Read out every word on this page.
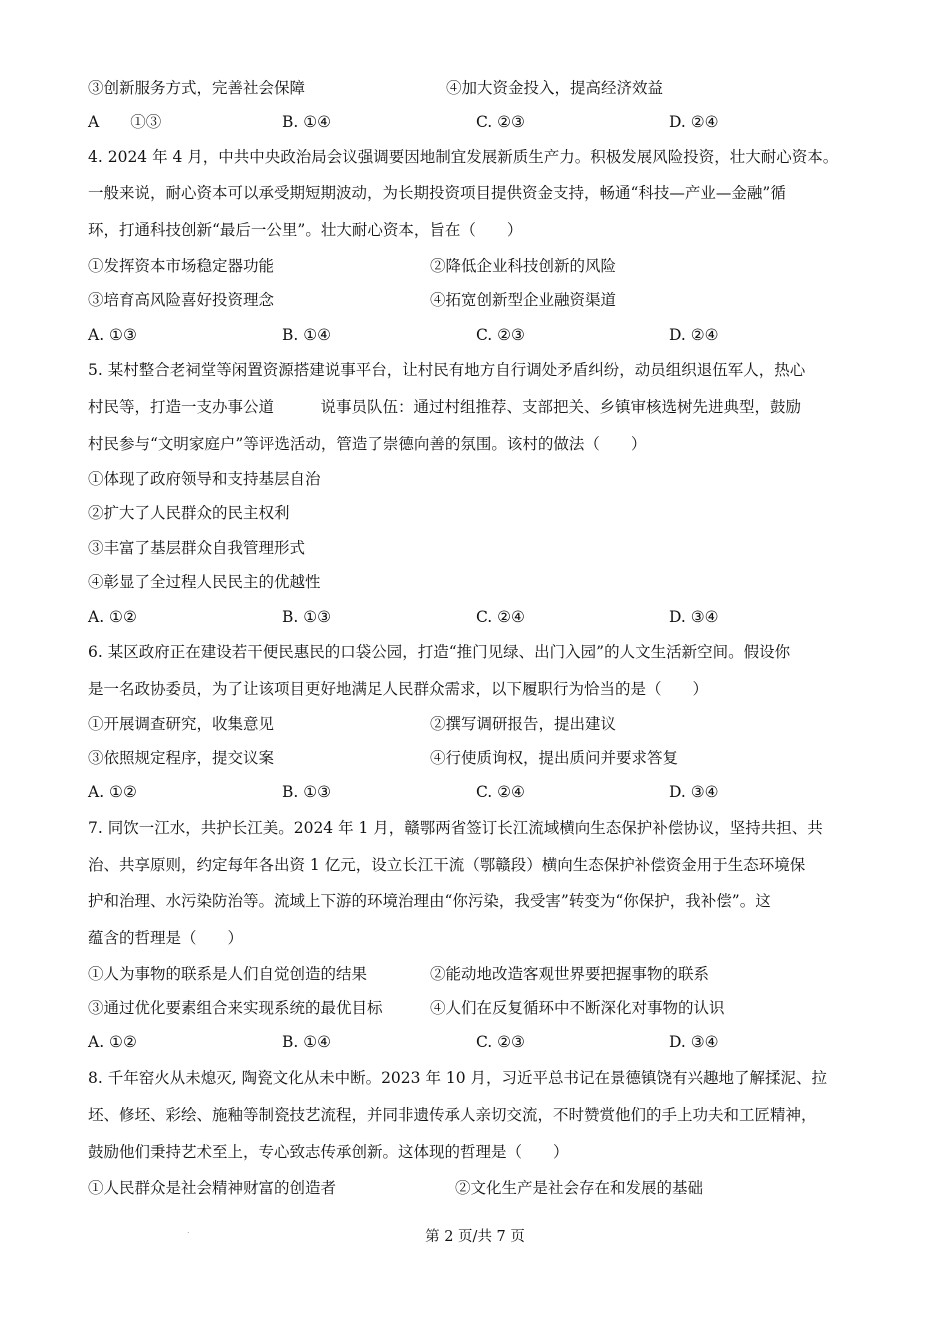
③创新服务方式，完善社会保障	④加大资金投入，提高经济效益
A　　①③	B. ①④	C. ②③	D. ②④
4. 2024 年 4 月，中共中央政治局会议强调要因地制宜发展新质生产力。积极发展风险投资，壮大耐心资本。
一般来说，耐心资本可以承受期短期波动，为长期投资项目提供资金支持，畅通“科技—产业—金融”循
环，打通科技创新“最后一公里”。壮大耐心资本，旨在（　　）
①发挥资本市场稳定器功能	②降低企业科技创新的风险
③培育高风险喜好投资理念	④拓宽创新型企业融资渠道
A. ①③	B. ①④	C. ②③	D. ②④
5. 某村整合老祠堂等闲置资源搭建说事平台，让村民有地方自行调处矛盾纠纷，动员组织退伍军人，热心
村民等，打造一支办事公道　　　说事员队伍：通过村组推荐、支部把关、乡镇审核选树先进典型，鼓励
村民参与“文明家庭户”等评选活动，管造了崇德向善的氛围。该村的做法（　　）
①体现了政府领导和支持基层自治
②扩大了人民群众的民主权利
③丰富了基层群众自我管理形式
④彰显了全过程人民民主的优越性
A. ①②	B. ①③	C. ②④	D. ③④
6. 某区政府正在建设若干便民惠民的口袋公园，打造“推门见绿、出门入园”的人文生活新空间。假设你
是一名政协委员，为了让该项目更好地满足人民群众需求，以下履职行为恰当的是（　　）
①开展调查研究，收集意见	②撰写调研报告，提出建议
③依照规定程序，提交议案	④行使质询权，提出质问并要求答复
A. ①②	B. ①③	C. ②④	D. ③④
7. 同饮一江水，共护长江美。2024 年 1 月，赣鄂两省签订长江流域横向生态保护补偿协议，坚持共担、共
治、共享原则，约定每年各出资 1 亿元，设立长江干流（鄂赣段）横向生态保护补偿资金用于生态环境保
护和治理、水污染防治等。流域上下游的环境治理由“你污染，我受害”转变为“你保护，我补偿”。这
蕴含的哲理是（　　）
①人为事物的联系是人们自觉创造的结果	②能动地改造客观世界要把握事物的联系
③通过优化要素组合来实现系统的最优目标	④人们在反复循环中不断深化对事物的认识
A. ①②	B. ①④	C. ②③	D. ③④
8. 千年窑火从未熄灭, 陶瓷文化从未中断。2023 年 10 月，习近平总书记在景德镇饶有兴趣地了解揉泥、拉
坯、修坯、彩绘、施釉等制瓷技艺流程，并同非遗传承人亲切交流，不时赞赏他们的手上功夫和工匠精神，
鼓励他们秉持艺术至上，专心致志传承创新。这体现的哲理是（　　）
①人民群众是社会精神财富的创造者	②文化生产是社会存在和发展的基础
.	第 2 页/共 7 页
